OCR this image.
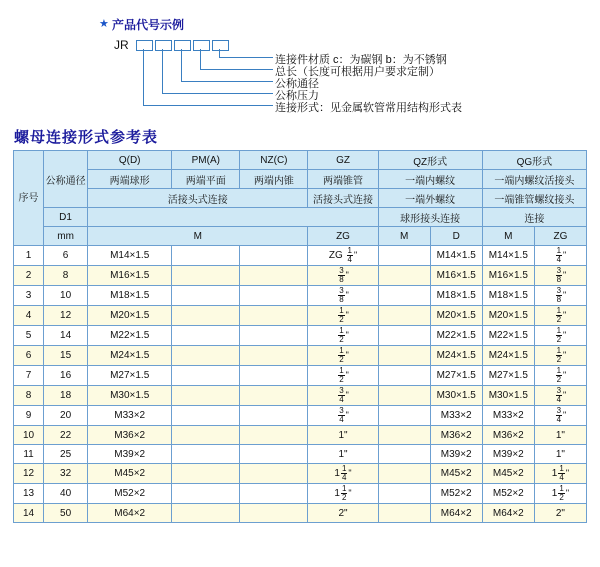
★ 产品代号示例
JR
连接件材质 c：为碳钢 b：为不锈钢
总长（长度可根据用户要求定制）
公称通径
公称压力
连接形式：见金属软管常用结构形式表
螺母连接形式参考表
序号	公称通径	Q(D)	PM(A)	NZ(C)	GZ	QZ形式		QG形式	
		两端球形	两端平面	两端内锥	两端锥管	一端内螺纹		一端内螺纹活接头	
		活接头式连接			活接头式连接	一端外螺纹		一端锥管螺纹接头	
	D1					球形接头连接		连接	
	mm	M			ZG	M	D	M	ZG
1	6	M14×1.5			ZG $\frac{1}{4}$ "		M14×1.5	M14×1.5	$\frac{1}{4}$ "
2	8	M16×1.5			$\frac{3}{8}$ "		M16×1.5	M16×1.5	$\frac{3}{8}$ "
3	10	M18×1.5			$\frac{3}{8}$ "		M18×1.5	M18×1.5	$\frac{3}{8}$ "
4	12	M20×1.5			$\frac{1}{2}$ "		M20×1.5	M20×1.5	$\frac{1}{2}$ "
5	14	M22×1.5			$\frac{1}{2}$ "		M22×1.5	M22×1.5	$\frac{1}{2}$ "
6	15	M24×1.5			$\frac{1}{2}$ "		M24×1.5	M24×1.5	$\frac{1}{2}$ "
7	16	M27×1.5			$\frac{1}{2}$ "		M27×1.5	M27×1.5	$\frac{1}{2}$ "
8	18	M30×1.5			$\frac{3}{4}$ "		M30×1.5	M30×1.5	$\frac{3}{4}$ "
9	20	M33×2			$\frac{3}{4}$ "		M33×2	M33×2	$\frac{3}{4}$ "
10	22	M36×2			1"		M36×2	M36×2	1"
11	25	M39×2			1"		M39×2	M39×2	1"
12	32	M45×2			$1 \frac{1}{4}$ "		M45×2	M45×2	$1 \frac{1}{4}$ "
13	40	M52×2			$1 \frac{1}{2}$ "		M52×2	M52×2	$1 \frac{1}{2}$ "
14	50	M64×2			2"		M64×2	M64×2	2"
